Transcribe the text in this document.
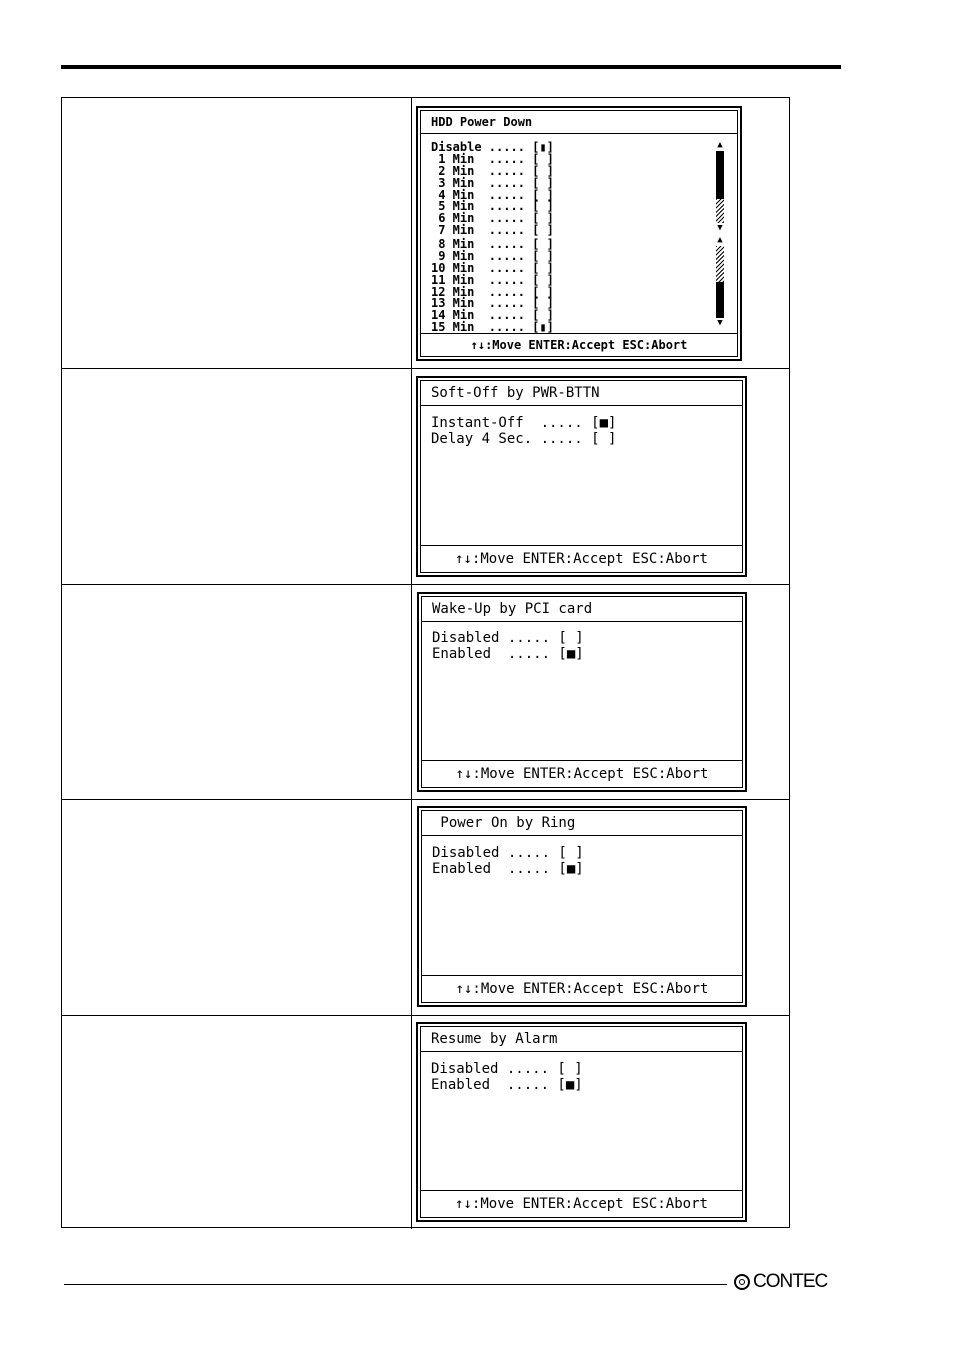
HDD Power Down
Disable ..... [▮]
1 Min  ..... [ ]
2 Min  ..... [ ]
3 Min  ..... [ ]
4 Min  ..... [ ]
5 Min  ..... [ ]
6 Min  ..... [ ]
7 Min  ..... [ ]
8 Min  ..... [ ]
9 Min  ..... [ ]
10 Min  ..... [ ]
11 Min  ..... [ ]
12 Min  ..... [ ]
13 Min  ..... [ ]
14 Min  ..... [ ]
15 Min  ..... [▮]
▲
▼
▲
▼
↑↓:Move ENTER:Accept ESC:Abort
Soft-Off by PWR-BTTN
Instant-Off  ..... [■]
Delay 4 Sec. ..... [ ]
↑↓:Move ENTER:Accept ESC:Abort
Wake-Up by PCI card
Disabled ..... [ ]
Enabled  ..... [■]
↑↓:Move ENTER:Accept ESC:Abort
Power On by Ring
Disabled ..... [ ]
Enabled  ..... [■]
↑↓:Move ENTER:Accept ESC:Abort
Resume by Alarm
Disabled ..... [ ]
Enabled  ..... [■]
↑↓:Move ENTER:Accept ESC:Abort
CONTEC
